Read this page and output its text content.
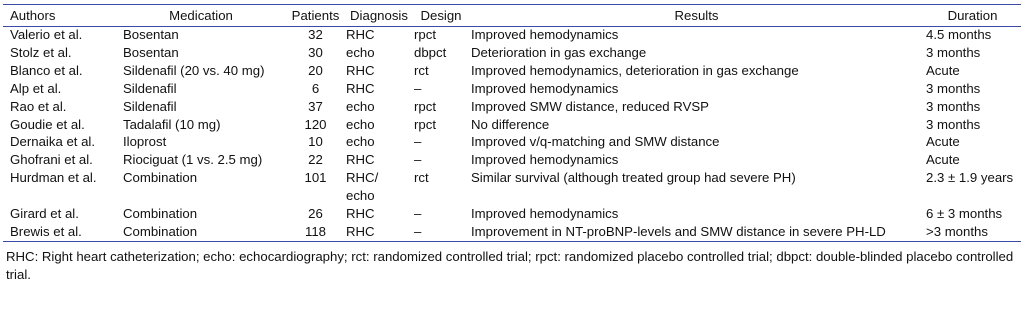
Authors	Medication	Patients	Diagnosis	Design	Results	Duration
Valerio et al.	Bosentan	32	RHC	rpct	Improved hemodynamics	4.5 months
Stolz et al.	Bosentan	30	echo	dbpct	Deterioration in gas exchange	3 months
Blanco et al.	Sildenafil (20 vs. 40 mg)	20	RHC	rct	Improved hemodynamics, deterioration in gas exchange	Acute
Alp et al.	Sildenafil	6	RHC	–	Improved hemodynamics	3 months
Rao et al.	Sildenafil	37	echo	rpct	Improved SMW distance, reduced RVSP	3 months
Goudie et al.	Tadalafil (10 mg)	120	echo	rpct	No difference	3 months
Dernaika et al.	Iloprost	10	echo	–	Improved v/q-matching and SMW distance	Acute
Ghofrani et al.	Riociguat (1 vs. 2.5 mg)	22	RHC	–	Improved hemodynamics	Acute
Hurdman et al.	Combination	101	RHC/ echo	rct	Similar survival (although treated group had severe PH)	2.3 ± 1.9 years
Girard et al.	Combination	26	RHC	–	Improved hemodynamics	6 ± 3 months
Brewis et al.	Combination	118	RHC	–	Improvement in NT-proBNP-levels and SMW distance in severe PH-LD	>3 months
RHC: Right heart catheterization; echo: echocardiography; rct: randomized controlled trial; rpct: randomized placebo controlled trial; dbpct: double-blinded placebo controlled trial.
